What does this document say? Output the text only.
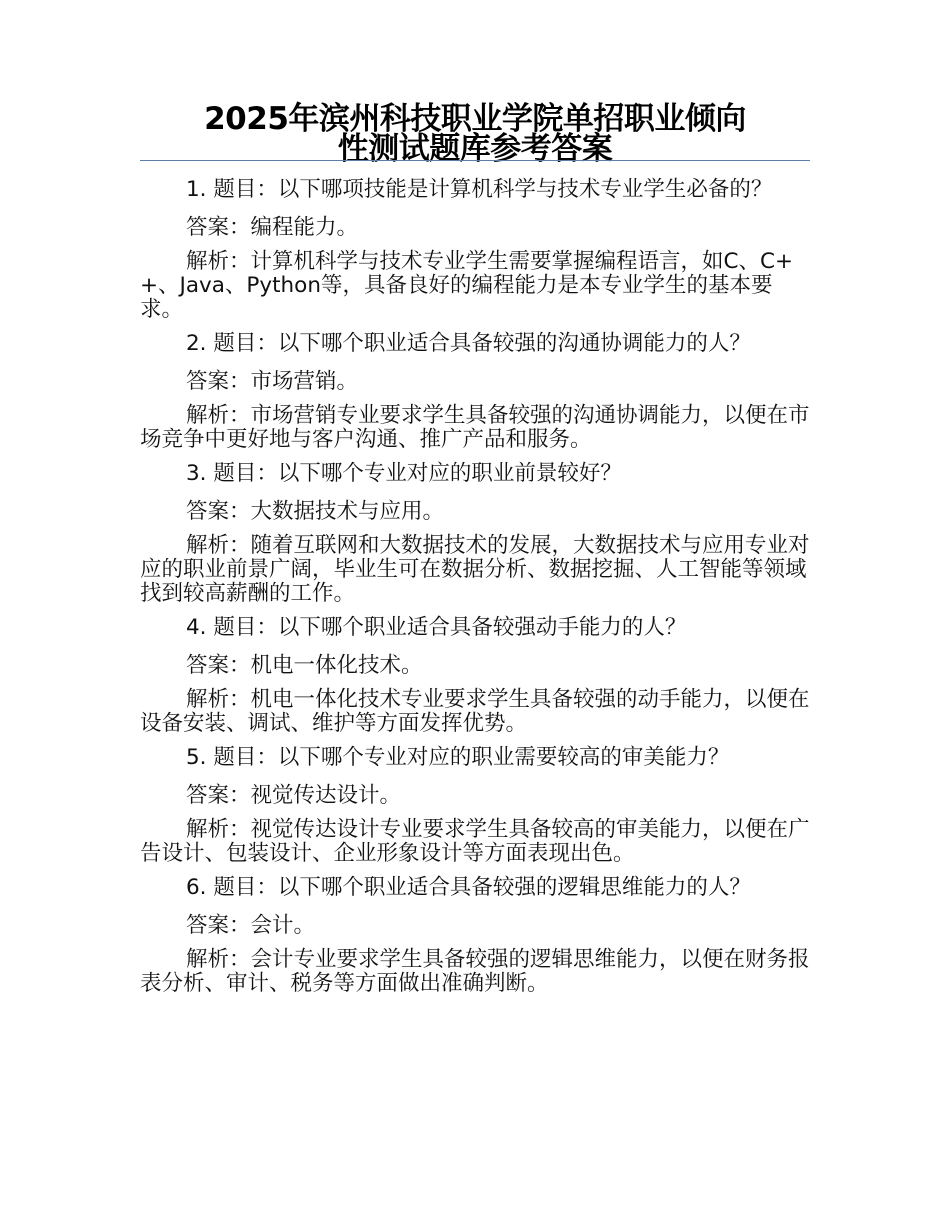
2025年滨州科技职业学院单招职业倾向
性测试题库参考答案

1. 题目：以下哪项技能是计算机科学与技术专业学生必备的？

答案：编程能力。

解析：计算机科学与技术专业学生需要掌握编程语言，如C、C++、Java、Python等，具备良好的编程能力是本专业学生的基本要求。

2. 题目：以下哪个职业适合具备较强的沟通协调能力的人？

答案：市场营销。

解析：市场营销专业要求学生具备较强的沟通协调能力，以便在市场竞争中更好地与客户沟通、推广产品和服务。

3. 题目：以下哪个专业对应的职业前景较好？

答案：大数据技术与应用。

解析：随着互联网和大数据技术的发展，大数据技术与应用专业对应的职业前景广阔，毕业生可在数据分析、数据挖掘、人工智能等领域找到较高薪酬的工作。

4. 题目：以下哪个职业适合具备较强动手能力的人？

答案：机电一体化技术。

解析：机电一体化技术专业要求学生具备较强的动手能力，以便在设备安装、调试、维护等方面发挥优势。

5. 题目：以下哪个专业对应的职业需要较高的审美能力？

答案：视觉传达设计。

解析：视觉传达设计专业要求学生具备较高的审美能力，以便在广告设计、包装设计、企业形象设计等方面表现出色。

6. 题目：以下哪个职业适合具备较强的逻辑思维能力的人？

答案：会计。

解析：会计专业要求学生具备较强的逻辑思维能力，以便在财务报表分析、审计、税务等方面做出准确判断。
